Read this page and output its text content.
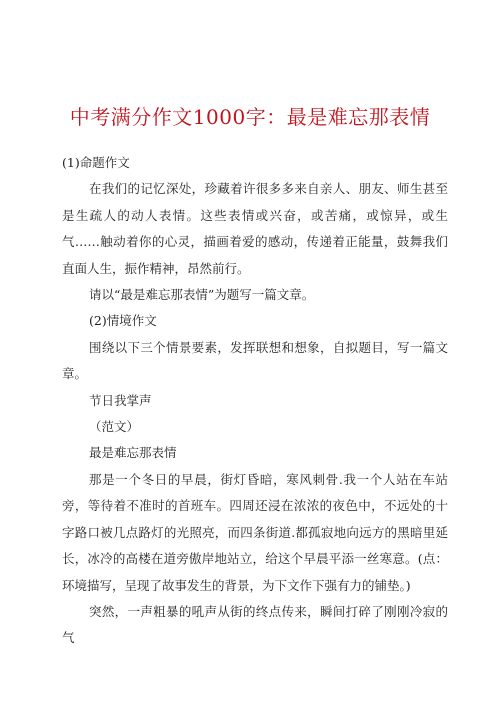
中考满分作文1000字：最是难忘那表情

(1)命题作文

在我们的记忆深处，珍藏着许很多多来自亲人、朋友、师生甚至是生疏人的动人表情。这些表情或兴奋，或苦痛，或惊异，或生气……触动着你的心灵，描画着爱的感动，传递着正能量，鼓舞我们直面人生，振作精神，昂然前行。

请以“最是难忘那表情”为题写一篇文章。

(2)情境作文

围绕以下三个情景要素，发挥联想和想象，自拟题目，写一篇文章。

节日我掌声

（范文）

最是难忘那表情

那是一个冬日的早晨，街灯昏暗，寒风刺骨.我一个人站在车站旁，等待着不准时的首班车。四周还浸在浓浓的夜色中，不远处的十字路口被几点路灯的光照亮，而四条街道.都孤寂地向远方的黑暗里延长，冰冷的高楼在道旁傲岸地站立，给这个早晨平添一丝寒意。(点：环境描写，呈现了故事发生的背景，为下文作下强有力的铺垫。)

突然，一声粗暴的吼声从街的终点传来，瞬间打碎了刚刚冷寂的气
